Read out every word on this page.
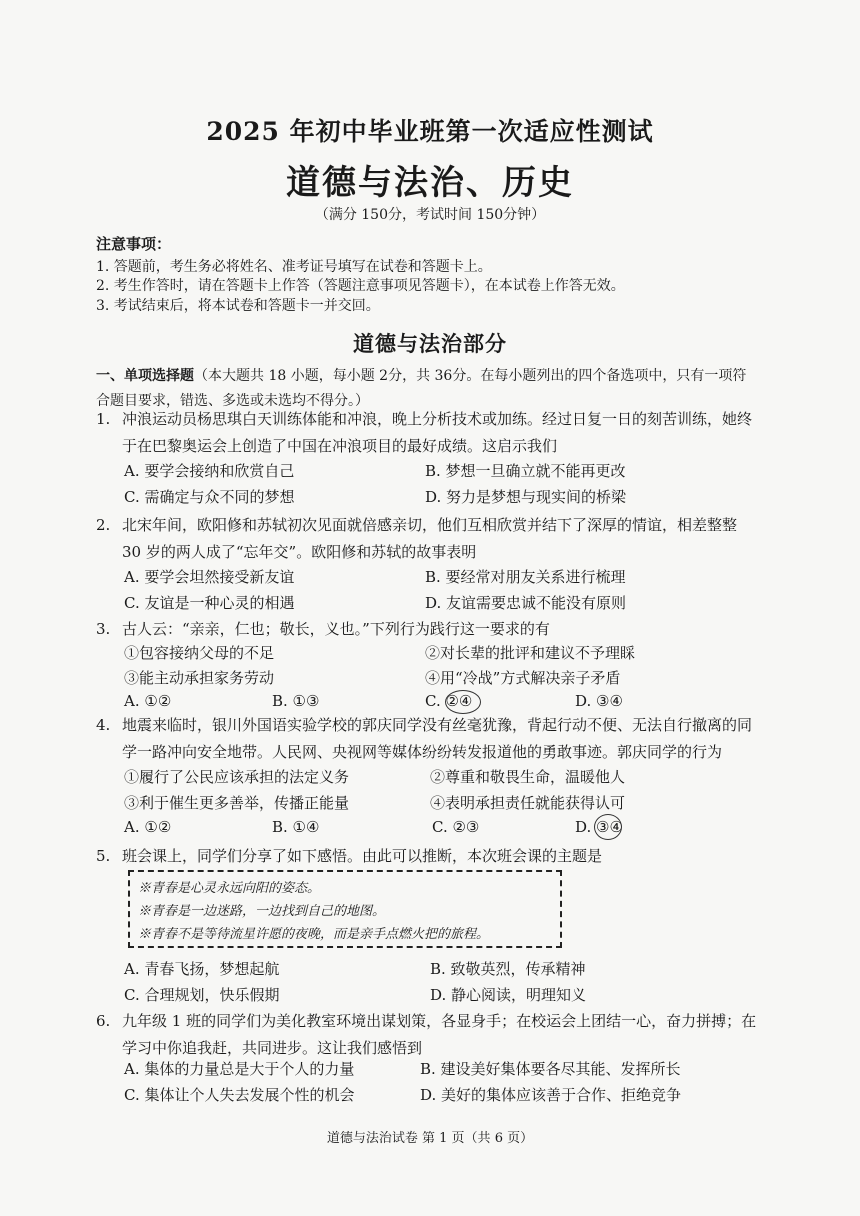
2025 年初中毕业班第一次适应性测试
道德与法治、历史
（满分 150分，考试时间 150分钟）
注意事项：
1. 答题前，考生务必将姓名、准考证号填写在试卷和答题卡上。
2. 考生作答时，请在答题卡上作答（答题注意事项见答题卡），在本试卷上作答无效。
3. 考试结束后，将本试卷和答题卡一并交回。
道德与法治部分
一、单项选择题（本大题共 18 小题，每小题 2分，共 36分。在每小题列出的四个备选项中，只有一项符合题目要求，错选、多选或未选均不得分。）
1. 冲浪运动员杨思琪白天训练体能和冲浪，晚上分析技术或加练。经过日复一日的刻苦训练，她终于在巴黎奥运会上创造了中国在冲浪项目的最好成绩。这启示我们
A. 要学会接纳和欣赏自己	B. 梦想一旦确立就不能再更改
C. 需确定与众不同的梦想	D. 努力是梦想与现实间的桥梁
2. 北宋年间，欧阳修和苏轼初次见面就倍感亲切，他们互相欣赏并结下了深厚的情谊，相差整整 30 岁的两人成了“忘年交”。欧阳修和苏轼的故事表明
A. 要学会坦然接受新友谊	B. 要经常对朋友关系进行梳理
C. 友谊是一种心灵的相遇	D. 友谊需要忠诚不能没有原则
3. 古人云：“亲亲，仁也；敬长，义也。”下列行为践行这一要求的有
①包容接纳父母的不足	②对长辈的批评和建议不予理睬
③能主动承担家务劳动	④用“冷战”方式解决亲子矛盾
A. ①②	B. ①③	C. ②④	D. ③④
4. 地震来临时，银川外国语实验学校的郭庆同学没有丝毫犹豫，背起行动不便、无法自行撤离的同学一路冲向安全地带。人民网、央视网等媒体纷纷转发报道他的勇敢事迹。郭庆同学的行为
①履行了公民应该承担的法定义务	②尊重和敬畏生命，温暖他人
③利于催生更多善举，传播正能量	④表明承担责任就能获得认可
A. ①②	B. ①④	C. ②③	D. ③④
5. 班会课上，同学们分享了如下感悟。由此可以推断，本次班会课的主题是
※青春是心灵永远向阳的姿态。
※青春是一边迷路，一边找到自己的地图。
※青春不是等待流星许愿的夜晚，而是亲手点燃火把的旅程。
A. 青春飞扬，梦想起航	B. 致敬英烈，传承精神
C. 合理规划，快乐假期	D. 静心阅读，明理知义
6. 九年级 1 班的同学们为美化教室环境出谋划策，各显身手；在校运会上团结一心，奋力拼搏；在学习中你追我赶，共同进步。这让我们感悟到
A. 集体的力量总是大于个人的力量	B. 建设美好集体要各尽其能、发挥所长
C. 集体让个人失去发展个性的机会	D. 美好的集体应该善于合作、拒绝竞争
道德与法治试卷 第 1 页（共 6 页）
